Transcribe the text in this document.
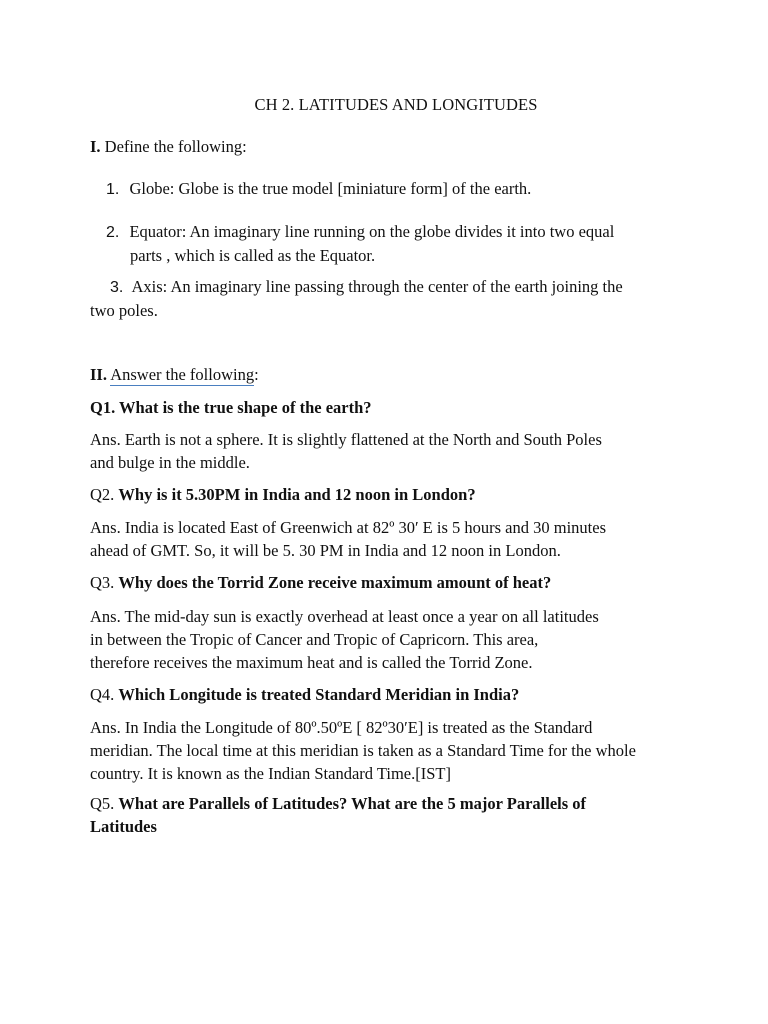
CH 2. LATITUDES AND LONGITUDES
I. Define the following:
1. Globe: Globe is the true model [miniature form] of the earth.
2. Equator: An imaginary line running on the globe divides it into two equal
parts , which is called as the Equator.
3. Axis: An imaginary line passing through the center of the earth joining the
two poles.
II. Answer the following:
Q1. What is the true shape of the earth?
Ans. Earth is not a sphere. It is slightly flattened at the North and South Poles
and bulge in the middle.
Q2. Why is it 5.30PM in India and 12 noon in London?
Ans. India is located East of Greenwich at 82º 30ʹ E is 5 hours and 30 minutes
ahead of GMT. So, it will be 5. 30 PM in India and 12 noon in London.
Q3. Why does the Torrid Zone receive maximum amount of heat?
Ans. The mid-day sun is exactly overhead at least once a year on all latitudes
in between the Tropic of Cancer and Tropic of Capricorn. This area,
therefore receives the maximum heat and is called the Torrid Zone.
Q4. Which Longitude is treated Standard Meridian in India?
Ans. In India the Longitude of 80º.50ºE [ 82º30ʹE] is treated as the Standard
meridian. The local time at this meridian is taken as a Standard Time for the whole
country. It is known as the Indian Standard Time.[IST]
Q5. What are Parallels of Latitudes? What are the 5 major Parallels of
Latitudes
